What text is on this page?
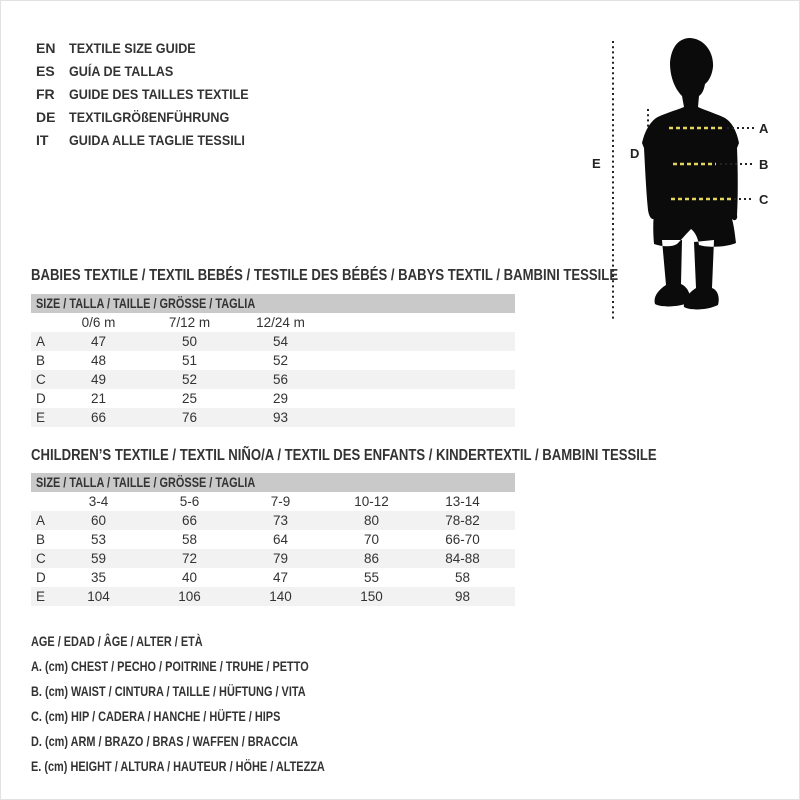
EN TEXTILE SIZE GUIDE
ES	GUÍA DE TALLAS
FR	GUIDE DES TAILLES TEXTILE
DE TEXTILGRÖßENFÜHRUNG
IT	GUIDA ALLE TAGLIE TESSILI
A
B
C
D
E
BABIES TEXTILE / TEXTIL BEBÉS / TESTILE DES BÉBÉS / BABYS TEXTIL / BAMBINI TESSILE
SIZE / TALLA / TAILLE / GRÖSSE / TAGLIA
	0/6 m	7/12 m	12/24 m	
A	47	50	54	
B	48	51	52	
C	49	52	56	
D	21	25	29	
E	66	76	93	
CHILDREN’S TEXTILE / TEXTIL NIÑO/A / TEXTIL DES ENFANTS / KINDERTEXTIL / BAMBINI TESSILE
SIZE / TALLA / TAILLE / GRÖSSE / TAGLIA
	3-4	5-6	7-9	10-12	13-14	
A	60	66	73	80	78-82	
B	53	58	64	70	66-70	
C	59	72	79	86	84-88	
D	35	40	47	55	58	
E	104	106	140	150	98	
AGE / EDAD / ÂGE / ALTER / ETÀ
A. (cm) CHEST / PECHO / POITRINE / TRUHE / PETTO
B. (cm) WAIST / CINTURA / TAILLE / HÜFTUNG / VITA
C. (cm) HIP / CADERA / HANCHE / HÜFTE / HIPS
D. (cm) ARM / BRAZO / BRAS / WAFFEN / BRACCIA
E. (cm) HEIGHT / ALTURA / HAUTEUR / HÖHE / ALTEZZA
